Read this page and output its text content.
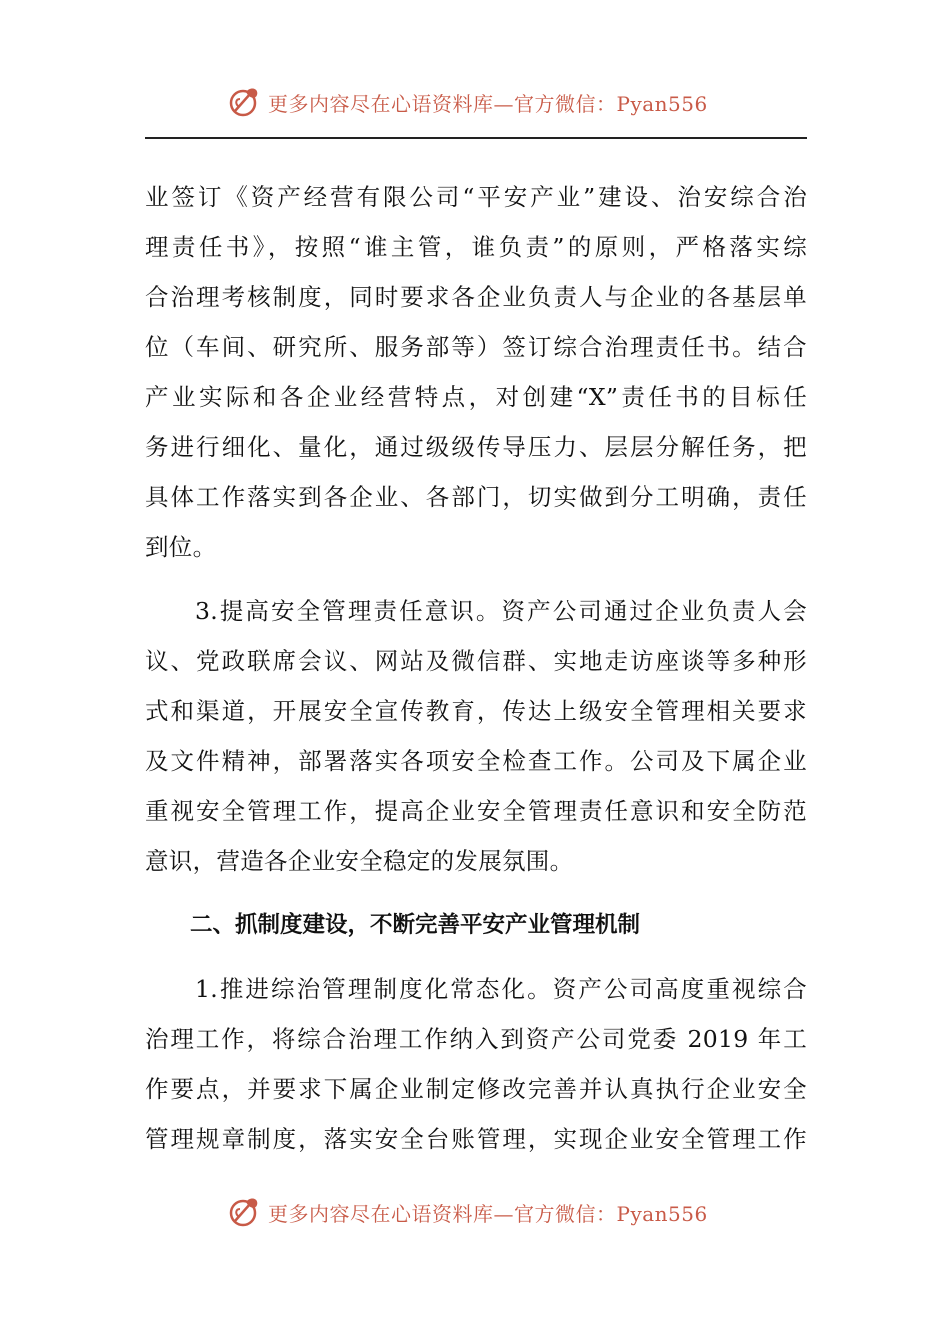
更多内容尽在心语资料库—官方微信：Pyan556

业签订《资产经营有限公司“平安产业”建设、治安综合治
理责任书》，按照“谁主管，谁负责”的原则，严格落实综
合治理考核制度，同时要求各企业负责人与企业的各基层单
位（车间、研究所、服务部等）签订综合治理责任书。结合
产业实际和各企业经营特点，对创建“X”责任书的目标任
务进行细化、量化，通过级级传导压力、层层分解任务，把
具体工作落实到各企业、各部门，切实做到分工明确，责任
到位。

3.提高安全管理责任意识。资产公司通过企业负责人会
议、党政联席会议、网站及微信群、实地走访座谈等多种形
式和渠道，开展安全宣传教育，传达上级安全管理相关要求
及文件精神，部署落实各项安全检查工作。公司及下属企业
重视安全管理工作，提高企业安全管理责任意识和安全防范
意识，营造各企业安全稳定的发展氛围。

二、抓制度建设，不断完善平安产业管理机制

1.推进综治管理制度化常态化。资产公司高度重视综合
治理工作，将综合治理工作纳入到资产公司党委 2019 年工
作要点，并要求下属企业制定修改完善并认真执行企业安全
管理规章制度，落实安全台账管理，实现企业安全管理工作

更多内容尽在心语资料库—官方微信：Pyan556
